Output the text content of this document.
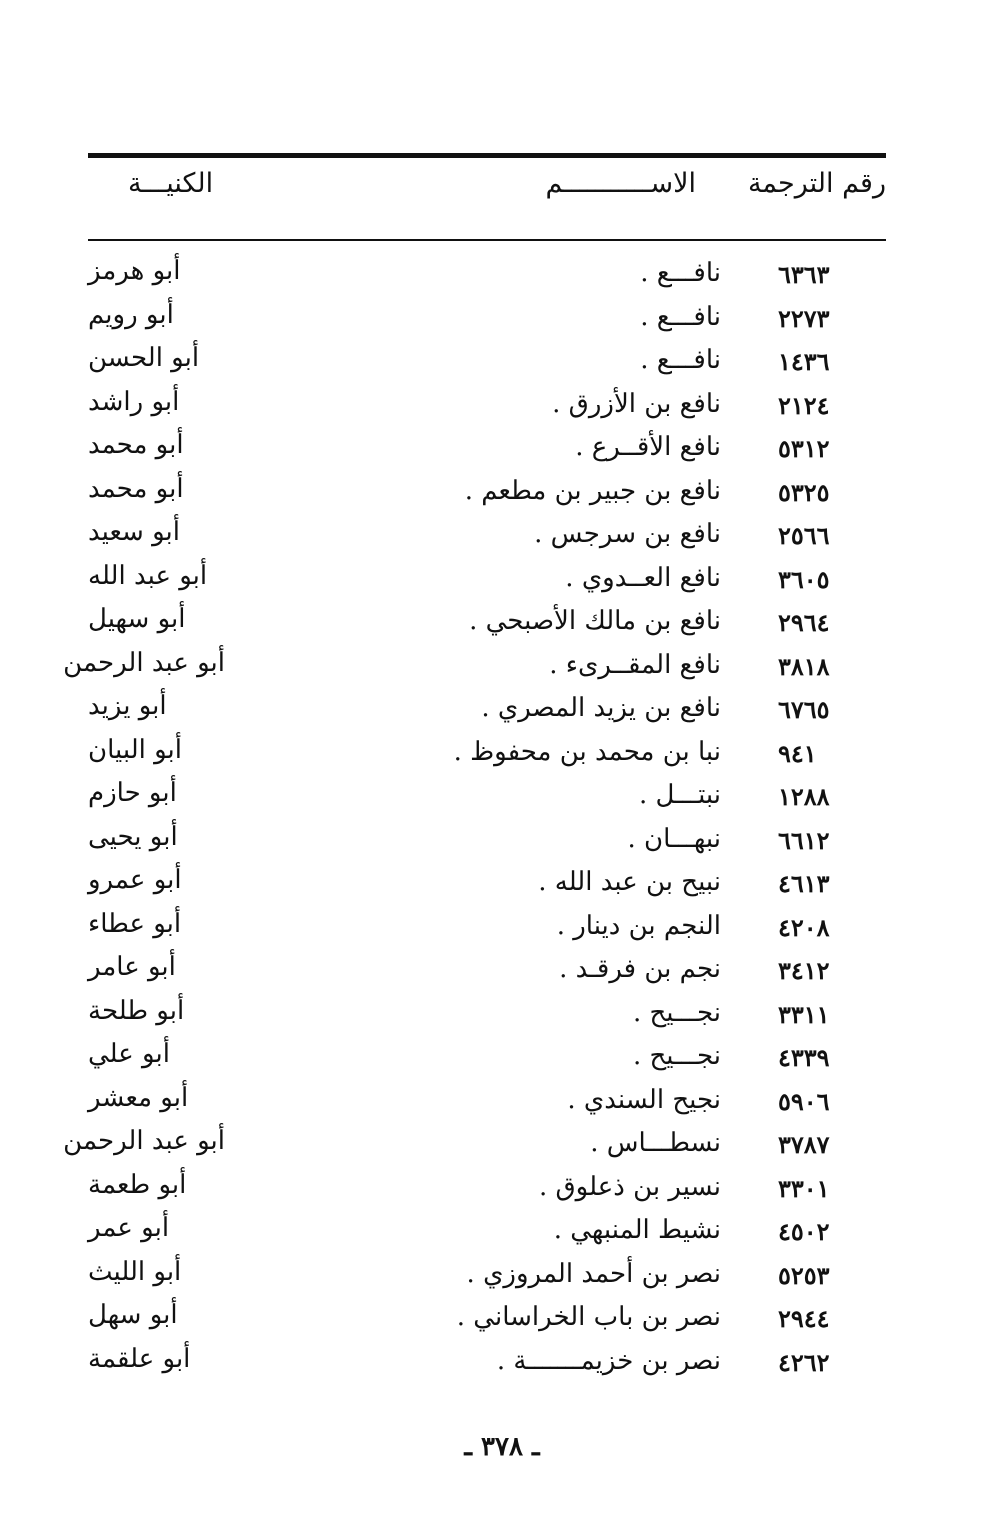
رقم الترجمة
الاســـــــــــم
الكنيـــة
٦٣٦٣
نافـــع .
أبو هرمز
٢٢٧٣
نافـــع .
أبو رويم
١٤٣٦
نافـــع .
أبو الحسن
٢١٢٤
نافع بن الأزرق .
أبو راشد
٥٣١٢
نافع الأقــرع .
أبو محمد
٥٣٢٥
نافع بن جبير بن مطعم .
أبو محمد
٢٥٦٦
نافع بن سرجس .
أبو سعيد
٣٦٠٥
نافع العــدوي .
أبو عبد الله
٢٩٦٤
نافع بن مالك الأصبحي .
أبو سهيل
٣٨١٨
نافع المقــرىء .
أبو عبد الرحمن
٦٧٦٥
نافع بن يزيد المصري .
أبو يزيد
٩٤١
نبا بن محمد بن محفوظ .
أبو البيان
١٢٨٨
نبتـــل .
أبو حازم
٦٦١٢
نبهـــان .
أبو يحيى
٤٦١٣
نبيح بن عبد الله .
أبو عمرو
٤٢٠٨
النجم بن دينار .
أبو عطاء
٣٤١٢
نجم بن فرقـد .
أبو عامر
٣٣١١
نجـــيح .
أبو طلحة
٤٣٣٩
نجـــيح .
أبو علي
٥٩٠٦
نجيح السندي .
أبو معشر
٣٧٨٧
نسطـــاس .
أبو عبد الرحمن
٣٣٠١
نسير بن ذعلوق .
أبو طعمة
٤٥٠٢
نشيط المنبهي .
أبو عمر
٥٢٥٣
نصر بن أحمد المروزي .
أبو الليث
٢٩٤٤
نصر بن باب الخراساني .
أبو سهل
٤٢٦٢
نصر بن خزيمـــــــة .
أبو علقمة
ـ ٣٧٨ ـ
